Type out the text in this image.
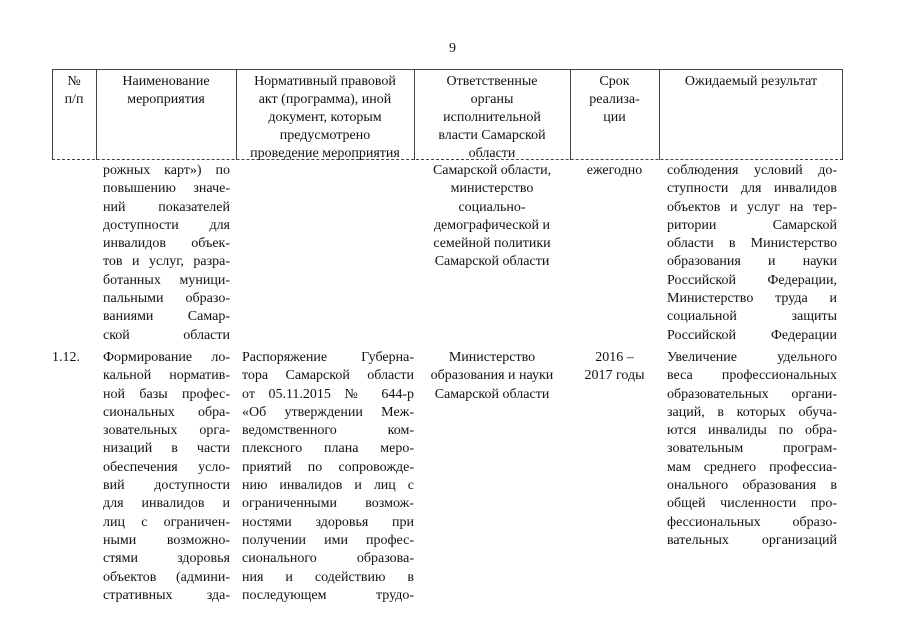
9
№
п/п
Наименование
мероприятия
Нормативный правовой
акт (программа), иной
документ, которым
предусмотрено
проведение мероприятия
Ответственные
органы
исполнительной
власти Самарской
области
Срок
реализа-
ции
Ожидаемый результат
рожных карт») по
повышению значе-
ний показателей
доступности для
инвалидов объек-
тов и услуг, разра-
ботанных муници-
пальными образо-
ваниями Самар-
ской области
Самарской области,
министерство
социально-
демографической и
семейной политики
Самарской области
ежегодно	соблюдения условий до-
ступности для инвалидов
объектов и услуг на тер-
ритории Самарской
области в Министерство
образования и науки
Российской Федерации,
Министерство труда и
социальной защиты
Российской Федерации
1.12.	Формирование ло-
кальной норматив-
ной базы профес-
сиональных обра-
зовательных орга-
низаций в части
обеспечения усло-
вий доступности
для инвалидов и
лиц с ограничен-
ными возможно-
стями здоровья
объектов (админи-
стративных зда-
Распоряжение Губерна-
тора Самарской области
от 05.11.2015 № 644-р
«Об утверждении Меж-
ведомственного ком-
плексного плана меро-
приятий по сопровожде-
нию инвалидов и лиц с
ограниченными возмож-
ностями здоровья при
получении ими профес-
сионального образова-
ния и содействию в
последующем трудо-
Министерство
образования и науки
Самарской области
2016 –
2017 годы
Увеличение удельного
веса профессиональных
образовательных органи-
заций, в которых обучa-
ются инвалиды по обра-
зовательным програм-
мам среднего профессиа-
онального образования в
общей численности про-
фессиональных образо-
вательных организаций
